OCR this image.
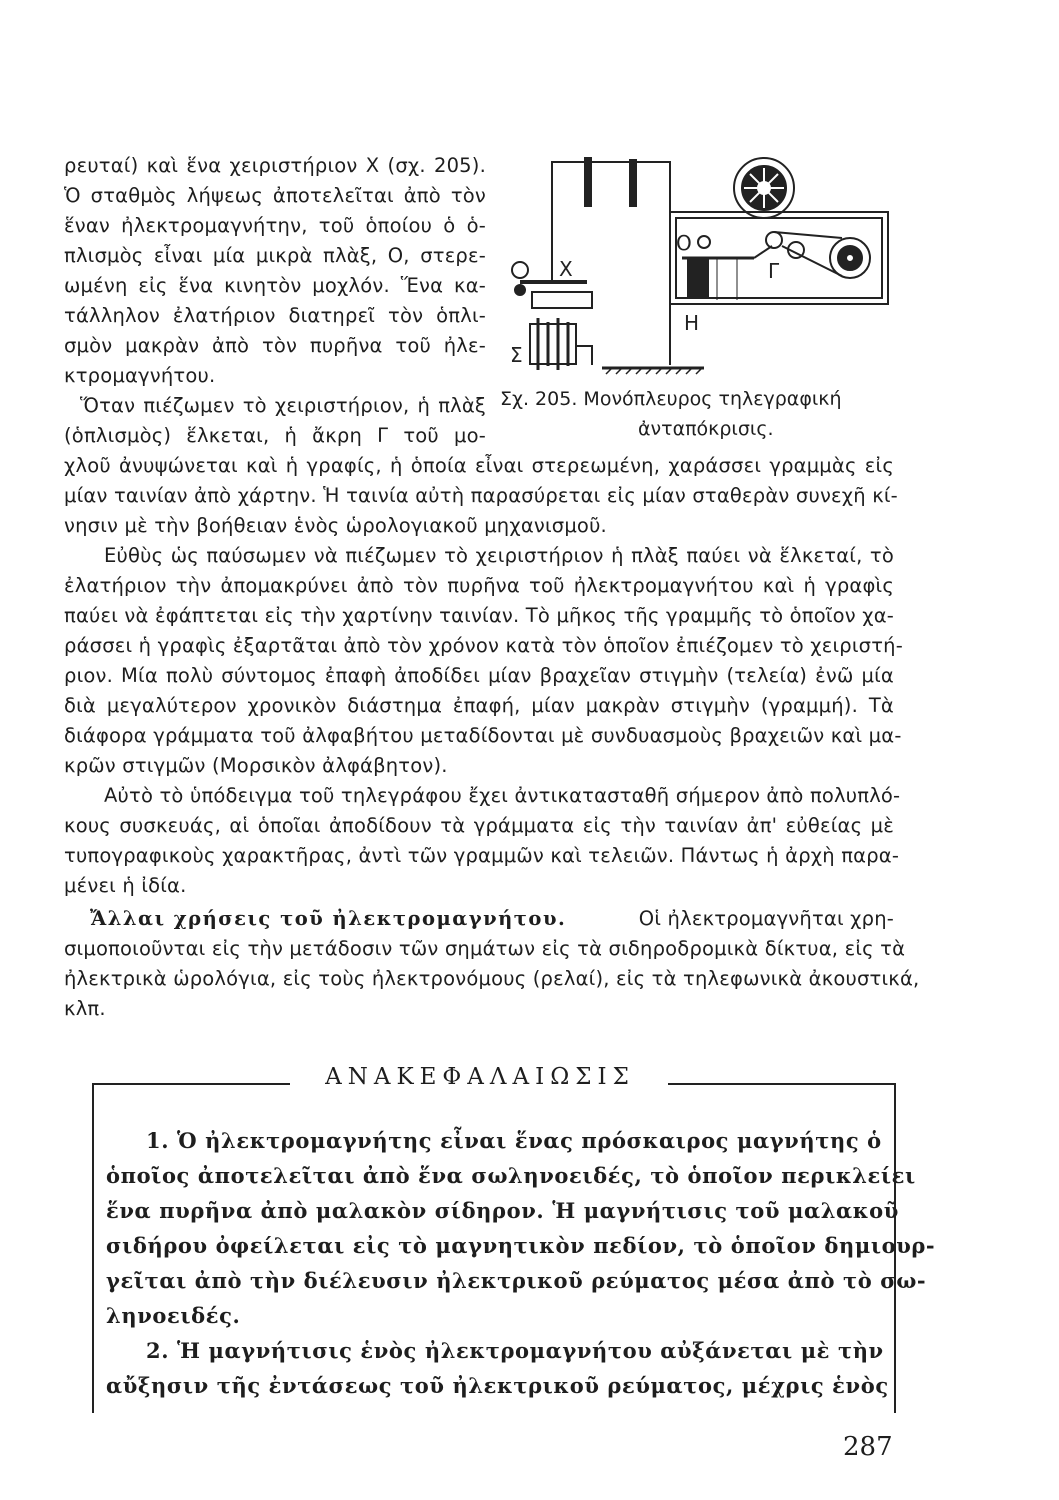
ρευταί) καὶ ἕνα χειριστήριον Χ (σχ. 205).
Ὁ σταθμὸς λήψεως ἀποτελεῖται ἀπὸ τὸν
ἕναν ἠλεκτρομαγνήτην, τοῦ ὁποίου ὁ ὁ-
πλισμὸς εἶναι μία μικρὰ πλὰξ, Ο, στερε-
ωμένη εἰς ἕνα κινητὸν μοχλόν. Ἕνα κα-
τάλληλον ἐλατήριον διατηρεῖ τὸν ὁπλι-
σμὸν μακρὰν ἀπὸ τὸν πυρῆνα τοῦ ἠλε-
κτρομαγνήτου.
Ὅταν πιέζωμεν τὸ χειριστήριον, ἡ πλὰξ
(ὁπλισμὸς) ἕλκεται, ἡ ἄκρη Γ τοῦ μο-
Χ
Σ
Η
Γ
Ο
Σχ. 205. Μονόπλευρος τηλεγραφική
ἀνταπόκρισις.
χλοῦ ἀνυψώνεται καὶ ἡ γραφίς, ἡ ὁποία εἶναι στερεωμένη, χαράσσει γραμμὰς εἰς
μίαν ταινίαν ἀπὸ χάρτην. Ἡ ταινία αὐτὴ παρασύρεται εἰς μίαν σταθερὰν συνεχῆ κί-
νησιν μὲ τὴν βοήθειαν ἑνὸς ὡρολογιακοῦ μηχανισμοῦ.
Εὐθὺς ὡς παύσωμεν νὰ πιέζωμεν τὸ χειριστήριον ἡ πλὰξ παύει νὰ ἕλκεταί, τὸ
ἐλατήριον τὴν ἀπομακρύνει ἀπὸ τὸν πυρῆνα τοῦ ἠλεκτρομαγνήτου καὶ ἡ γραφὶς
παύει νὰ ἐφάπτεται εἰς τὴν χαρτίνην ταινίαν. Τὸ μῆκος τῆς γραμμῆς τὸ ὁποῖον χα-
ράσσει ἡ γραφὶς ἐξαρτᾶται ἀπὸ τὸν χρόνον κατὰ τὸν ὁποῖον ἐπιέζομεν τὸ χειριστή-
ριον. Μία πολὺ σύντομος ἐπαφὴ ἀποδίδει μίαν βραχεῖαν στιγμὴν (τελεία) ἐνῶ μία
διὰ μεγαλύτερον χρονικὸν διάστημα ἐπαφή, μίαν μακρὰν στιγμὴν (γραμμή). Τὰ
διάφορα γράμματα τοῦ ἀλφαβήτου μεταδίδονται μὲ συνδυασμοὺς βραχειῶν καὶ μα-
κρῶν στιγμῶν (Μορσικὸν ἀλφάβητον).
Αὐτὸ τὸ ὑπόδειγμα τοῦ τηλεγράφου ἔχει ἀντικατασταθῆ σήμερον ἀπὸ πολυπλό-
κους συσκευάς, αἱ ὁποῖαι ἀποδίδουν τὰ γράμματα εἰς τὴν ταινίαν ἀπ' εὐθείας μὲ
τυπογραφικοὺς χαρακτῆρας, ἀντὶ τῶν γραμμῶν καὶ τελειῶν. Πάντως ἡ ἀρχὴ παρα-
μένει ἡ ἰδία.
Ἄλλαι χρήσεις τοῦ ἠλεκτρομαγνήτου.	Οἱ ἠλεκτρομαγνῆται χρη-
σιμοποιοῦνται εἰς τὴν μετάδοσιν τῶν σημάτων εἰς τὰ σιδηροδρομικὰ δίκτυα, εἰς τὰ
ἠλεκτρικὰ ὡρολόγια, εἰς τοὺς ἠλεκτρονόμους (ρελαί), εἰς τὰ τηλεφωνικὰ ἀκουστικά,
κλπ.
ΑΝΑΚΕΦΑΛΑΙΩΣΙΣ
1. Ὁ ἠλεκτρομαγνήτης εἶναι ἕνας πρόσκαιρος μαγνήτης ὁ
ὁποῖος ἀποτελεῖται ἀπὸ ἕνα σωληνοειδές, τὸ ὁποῖον περικλείει
ἕνα πυρῆνα ἀπὸ μαλακὸν σίδηρον. Ἡ μαγνήτισις τοῦ μαλακοῦ
σιδήρου ὀφείλεται εἰς τὸ μαγνητικὸν πεδίον, τὸ ὁποῖον δημιουρ-
γεῖται ἀπὸ τὴν διέλευσιν ἠλεκτρικοῦ ρεύματος μέσα ἀπὸ τὸ σω-
ληνοειδές.
2. Ἡ μαγνήτισις ἑνὸς ἠλεκτρομαγνήτου αὐξάνεται μὲ τὴν
αὔξησιν τῆς ἐντάσεως τοῦ ἠλεκτρικοῦ ρεύματος, μέχρις ἑνὸς
287
